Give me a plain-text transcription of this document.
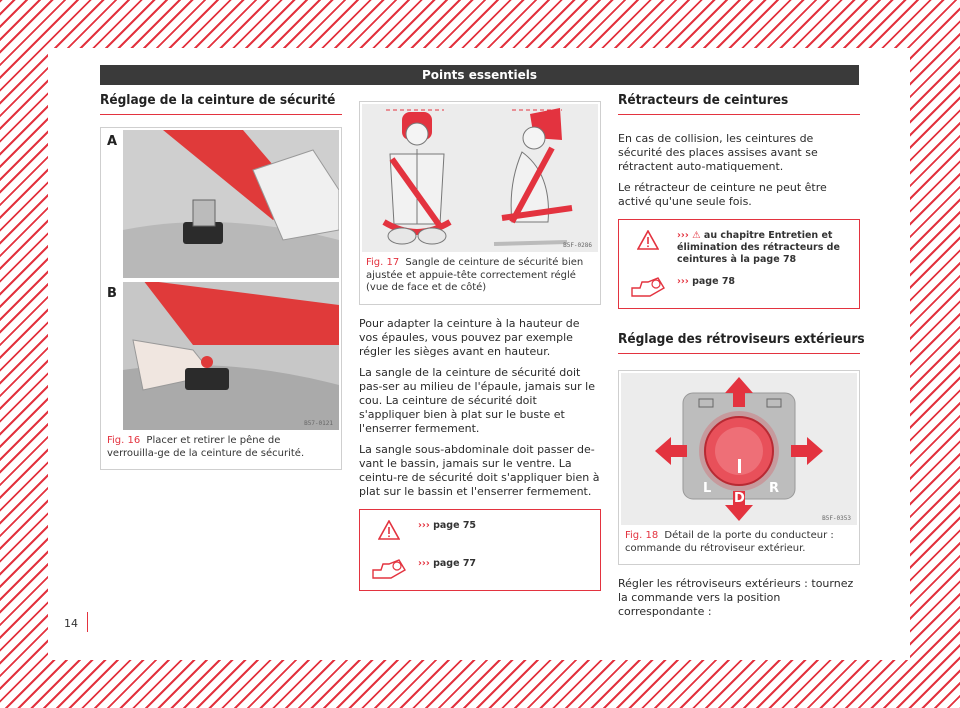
Points essentiels
Réglage de la ceinture de sécurité
A
B
B57-0121
Fig. 16 Placer et retirer le pêne de verrouilla-ge de la ceinture de sécurité.
B5F-0286
Fig. 17 Sangle de ceinture de sécurité bien ajustée et appuie-tête correctement réglé (vue de face et de côté)

Pour adapter la ceinture à la hauteur de vos épaules, vous pouvez par exemple régler les sièges avant en hauteur.

La sangle de la ceinture de sécurité doit pas-ser au milieu de l'épaule, jamais sur le cou. La ceinture de sécurité doit s'appliquer bien à plat sur le buste et l'enserrer fermement.

La sangle sous-abdominale doit passer de-vant le bassin, jamais sur le ventre. La ceintu-re de sécurité doit s'appliquer bien à plat sur le bassin et l'enserrer fermement.

››› page 75
››› page 77
Rétracteurs de ceintures

En cas de collision, les ceintures de sécurité des places assises avant se rétractent auto-matiquement.

Le rétracteur de ceinture ne peut être activé qu'une seule fois.

››› ⚠ au chapitre Entretien et élimination des rétracteurs de ceintures à la page 78
››› page 78
Réglage des rétroviseurs extérieurs
L	R
D
B5F-0353
Fig. 18 Détail de la porte du conducteur : commande du rétroviseur extérieur.

Régler les rétroviseurs extérieurs : tournez la commande vers la position correspondante :

14
